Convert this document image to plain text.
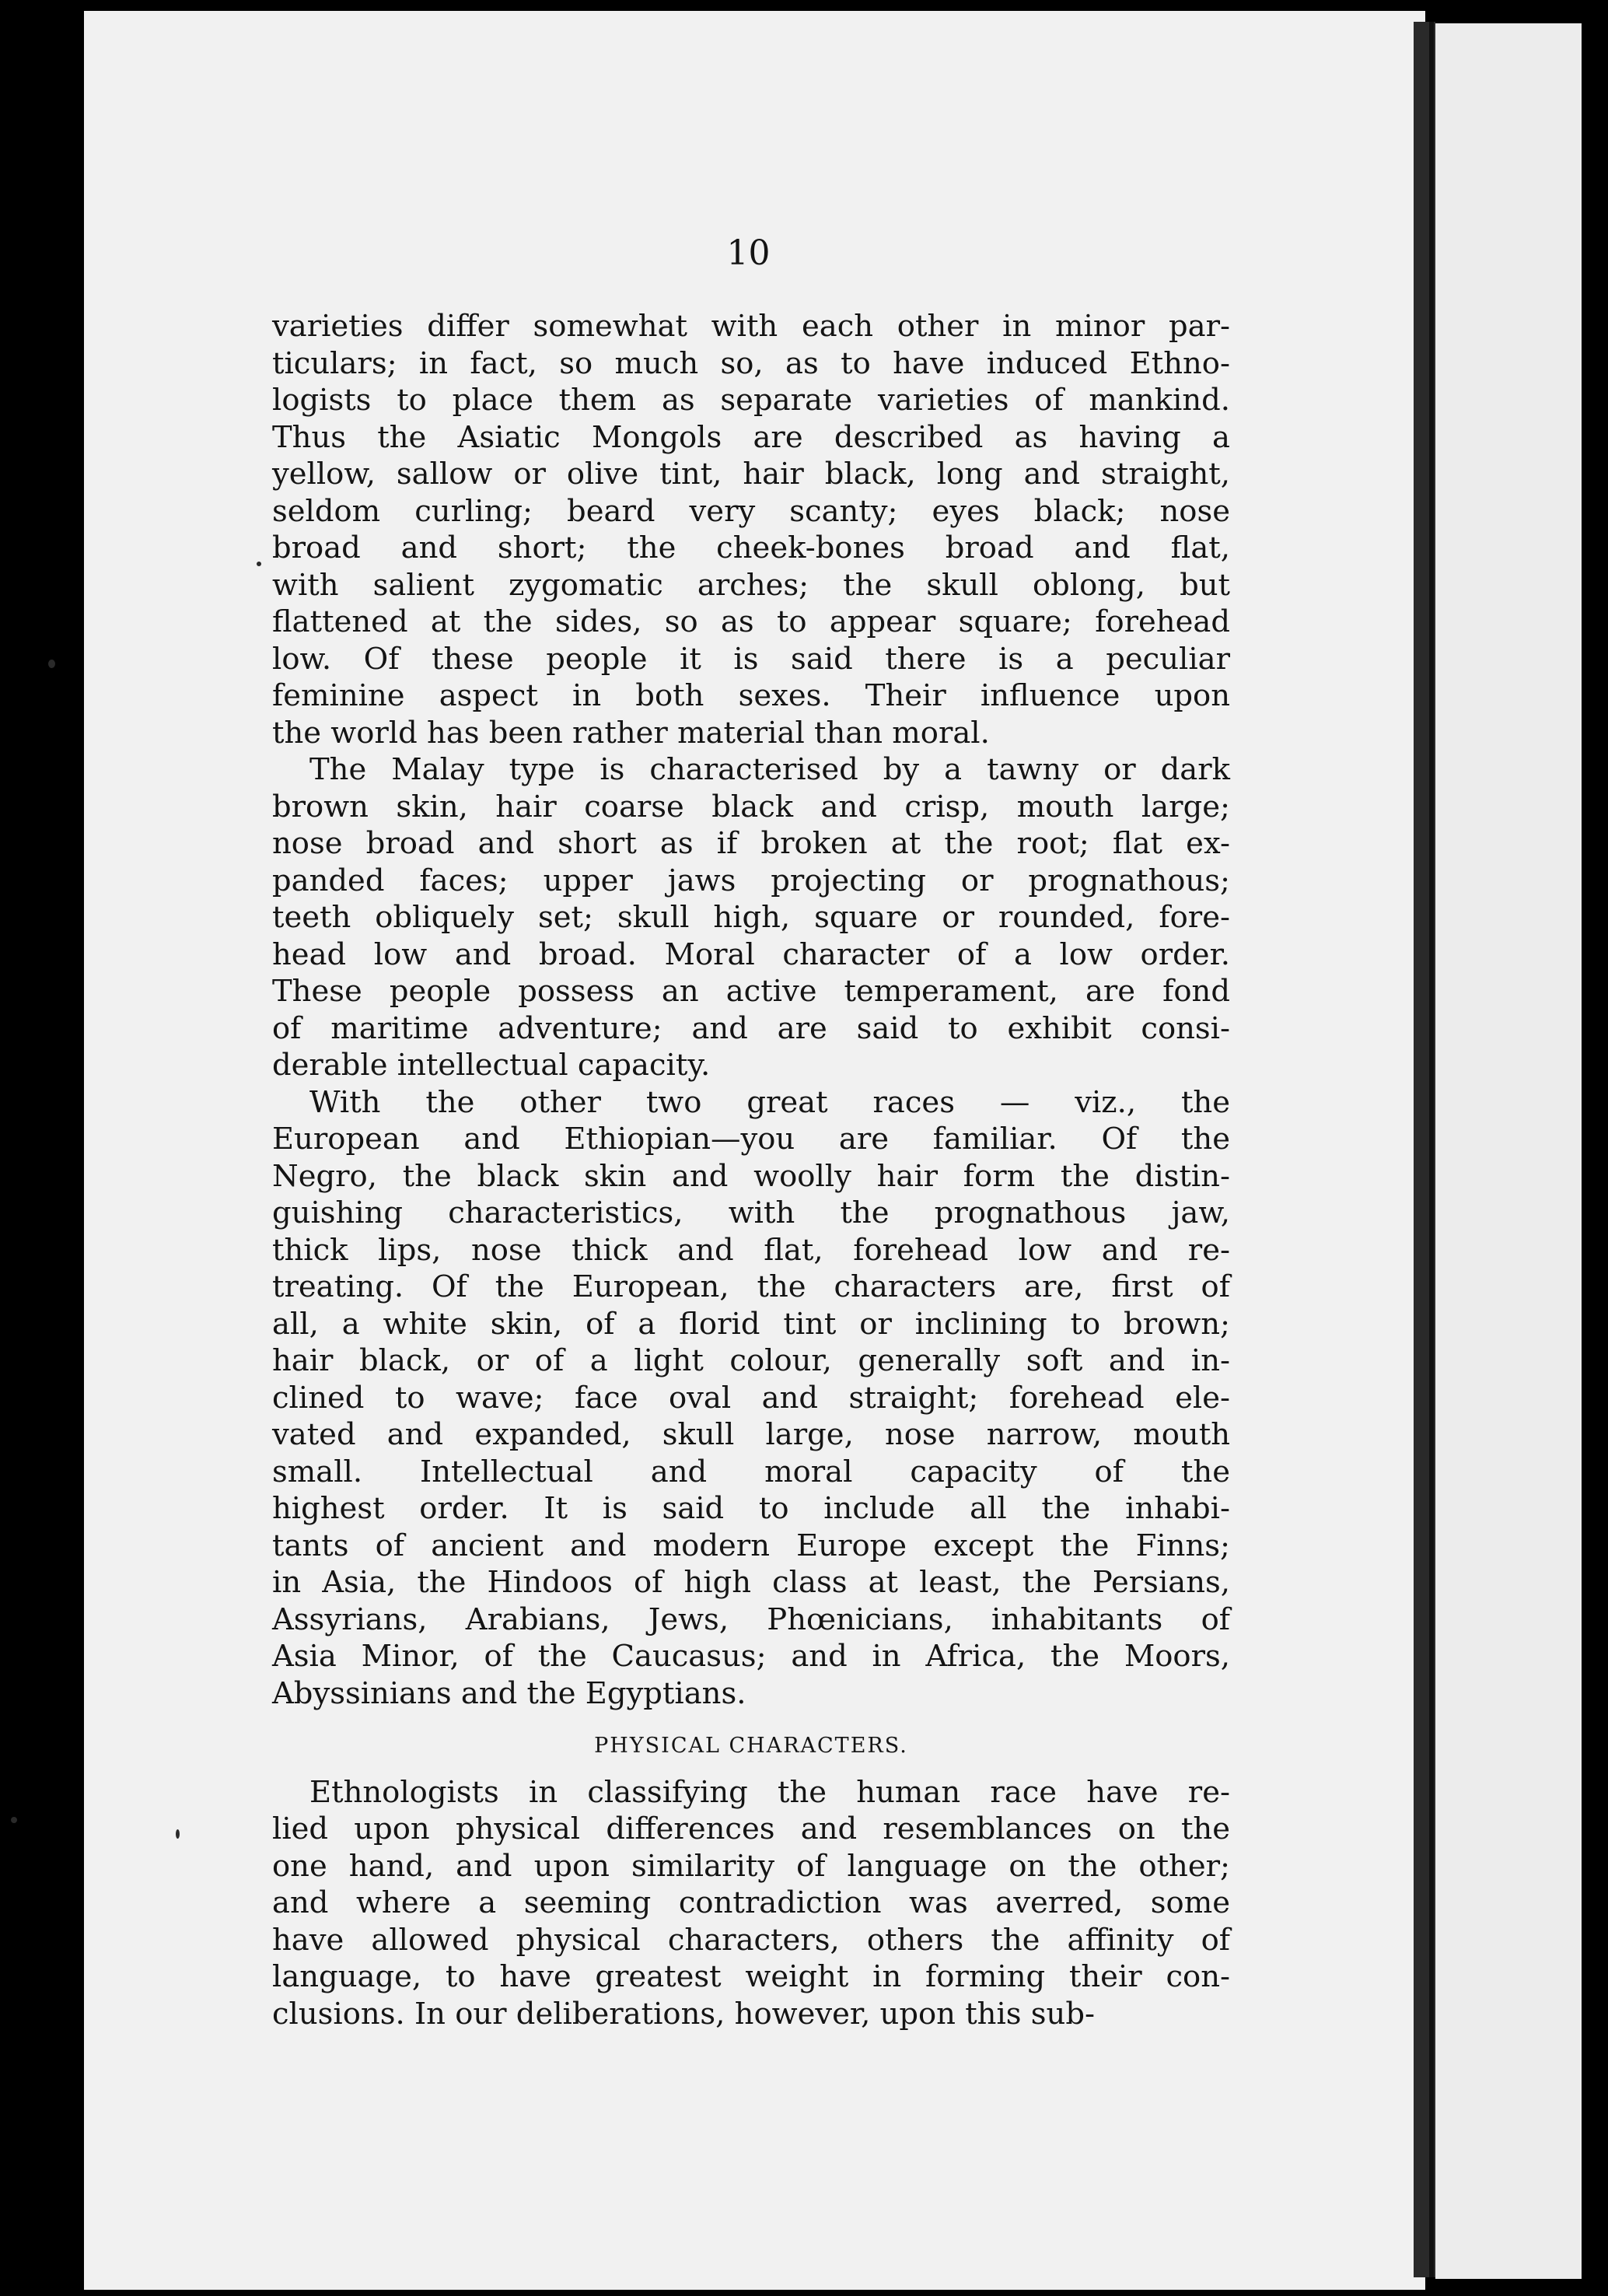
10
varieties differ somewhat with each other in minor par-
ticulars; in fact, so much so, as to have induced Ethno-
logists to place them as separate varieties of mankind.
Thus the Asiatic Mongols are described as having a
yellow, sallow or olive tint, hair black, long and straight,
seldom curling; beard very scanty; eyes black; nose
broad and short; the cheek-bones broad and flat,
with salient zygomatic arches; the skull oblong, but
flattened at the sides, so as to appear square; forehead
low. Of these people it is said there is a peculiar
feminine aspect in both sexes. Their influence upon
the world has been rather material than moral.
The Malay type is characterised by a tawny or dark
brown skin, hair coarse black and crisp, mouth large;
nose broad and short as if broken at the root; flat ex-
panded faces; upper jaws projecting or prognathous;
teeth obliquely set; skull high, square or rounded, fore-
head low and broad. Moral character of a low order.
These people possess an active temperament, are fond
of maritime adventure; and are said to exhibit consi-
derable intellectual capacity.
With the other two great races — viz., the
European and Ethiopian—you are familiar. Of the
Negro, the black skin and woolly hair form the distin-
guishing characteristics, with the prognathous jaw,
thick lips, nose thick and flat, forehead low and re-
treating. Of the European, the characters are, first of
all, a white skin, of a florid tint or inclining to brown;
hair black, or of a light colour, generally soft and in-
clined to wave; face oval and straight; forehead ele-
vated and expanded, skull large, nose narrow, mouth
small. Intellectual and moral capacity of the
highest order. It is said to include all the inhabi-
tants of ancient and modern Europe except the Finns;
in Asia, the Hindoos of high class at least, the Persians,
Assyrians, Arabians, Jews, Phœnicians, inhabitants of
Asia Minor, of the Caucasus; and in Africa, the Moors,
Abyssinians and the Egyptians.
PHYSICAL CHARACTERS.
Ethnologists in classifying the human race have re-
lied upon physical differences and resemblances on the
one hand, and upon similarity of language on the other;
and where a seeming contradiction was averred, some
have allowed physical characters, others the affinity of
language, to have greatest weight in forming their con-
clusions. In our deliberations, however, upon this sub-
